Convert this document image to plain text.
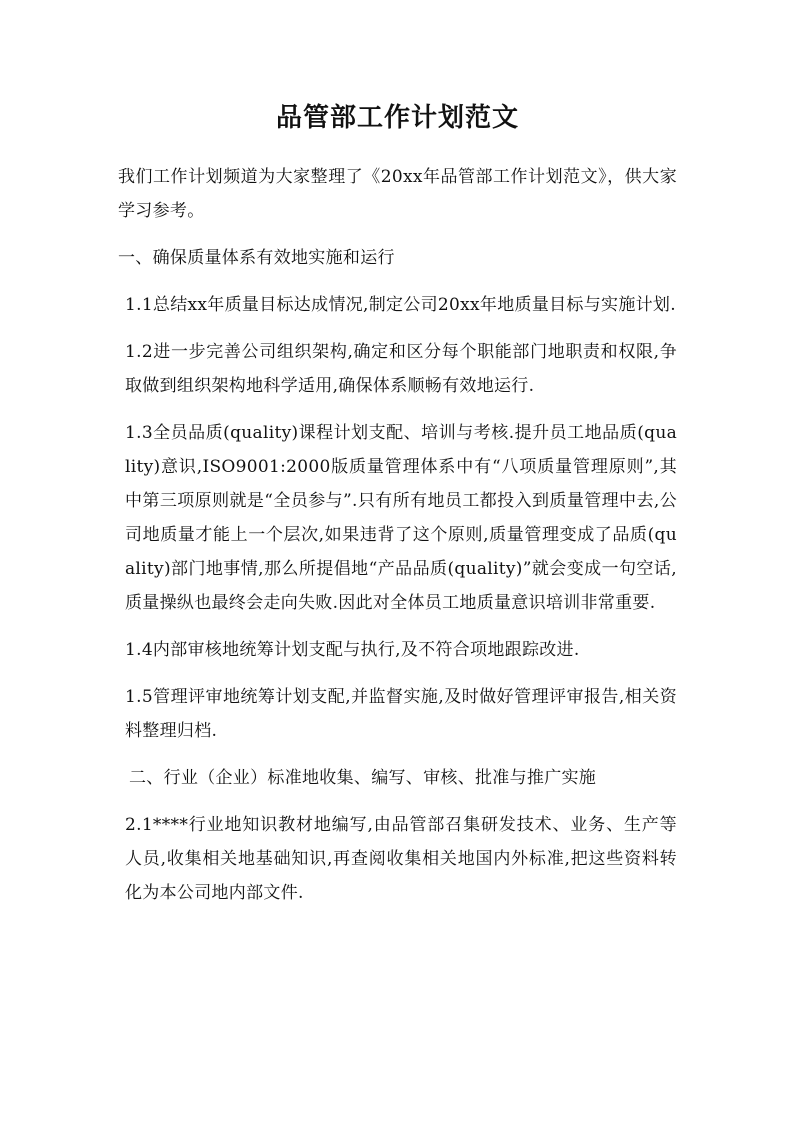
品管部工作计划范文

我们工作计划频道为大家整理了《20xx年品管部工作计划范文》，供大家学习参考。

一、确保质量体系有效地实施和运行

1.1总结xx年质量目标达成情况,制定公司20xx年地质量目标与实施计划.

1.2进一步完善公司组织架构,确定和区分每个职能部门地职责和权限,争取做到组织架构地科学适用,确保体系顺畅有效地运行.

1.3全员品质(quality)课程计划支配、培训与考核.提升员工地品质(quality)意识,ISO9001:2000版质量管理体系中有“八项质量管理原则”,其中第三项原则就是“全员参与”.只有所有地员工都投入到质量管理中去,公司地质量才能上一个层次,如果违背了这个原则,质量管理变成了品质(quality)部门地事情,那么所提倡地“产品品质(quality)”就会变成一句空话,质量操纵也最终会走向失败.因此对全体员工地质量意识培训非常重要.

1.4内部审核地统筹计划支配与执行,及不符合项地跟踪改进.

1.5管理评审地统筹计划支配,并监督实施,及时做好管理评审报告,相关资料整理归档.

二、行业（企业）标准地收集、编写、审核、批准与推广实施

2.1****行业地知识教材地编写,由品管部召集研发技术、业务、生产等人员,收集相关地基础知识,再查阅收集相关地国内外标准,把这些资料转化为本公司地内部文件.
